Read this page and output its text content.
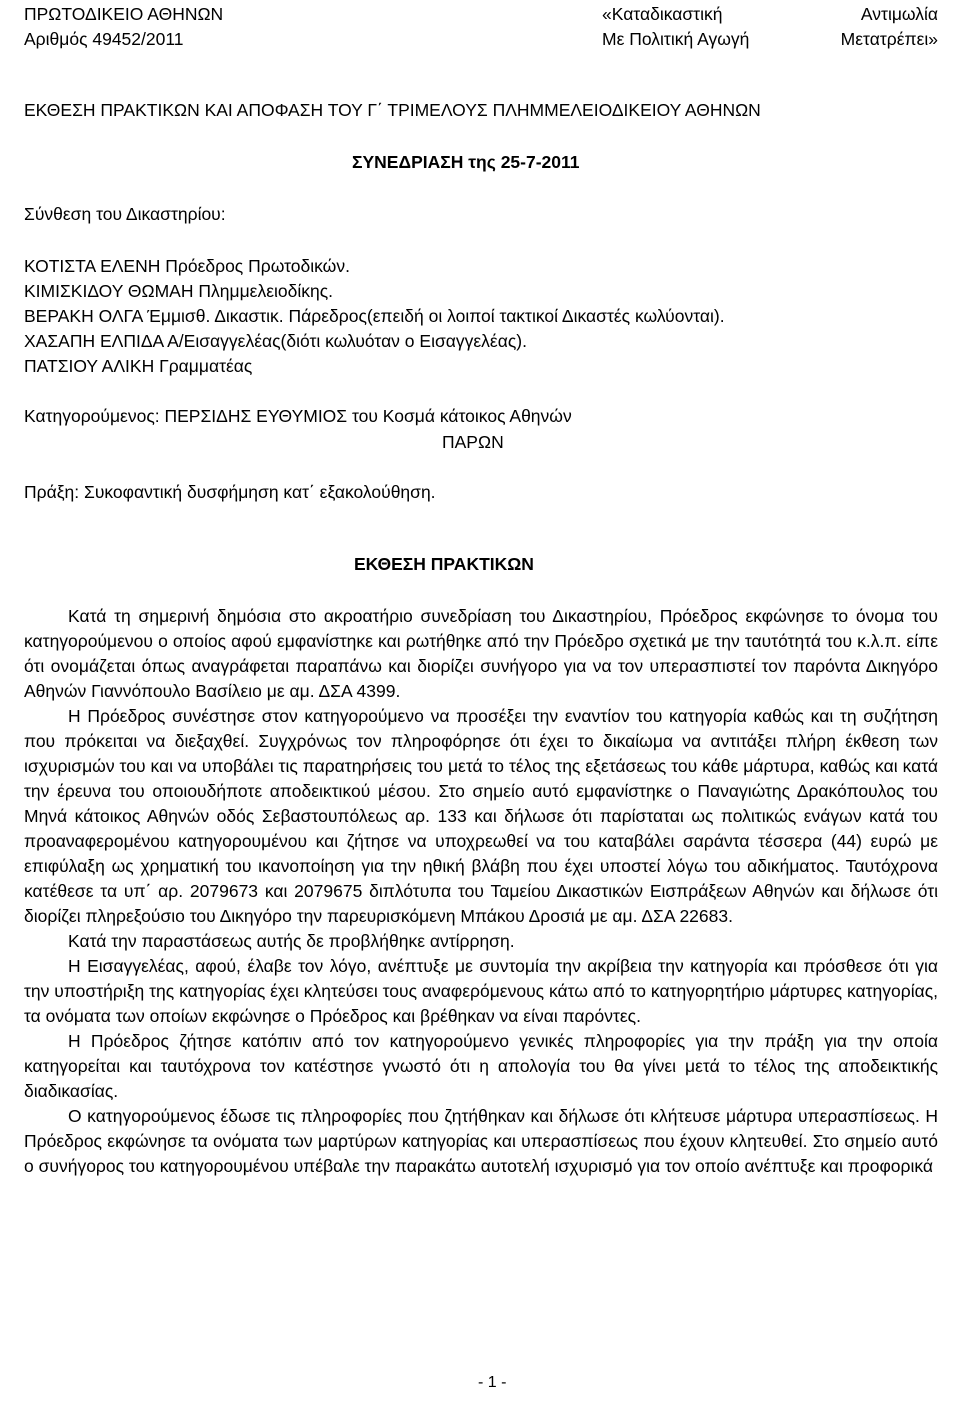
ΠΡΩΤΟΔΙΚΕΙΟ ΑΘΗΝΩΝ
Αριθμός 49452/2011
«Καταδικαστική	Αντιμωλία
Με Πολιτική Αγωγή	Μετατρέπει»
ΕΚΘΕΣΗ ΠΡΑΚΤΙΚΩΝ ΚΑΙ ΑΠΟΦΑΣΗ ΤΟΥ Γ΄ ΤΡΙΜΕΛΟΥΣ ΠΛΗΜΜΕΛΕΙΟΔΙΚΕΙΟΥ ΑΘΗΝΩΝ
ΣΥΝΕΔΡΙΑΣΗ της 25-7-2011
Σύνθεση του Δικαστηρίου:
ΚΟΤΙΣΤΑ ΕΛΕΝΗ Πρόεδρος Πρωτοδικών.
ΚΙΜΙΣΚΙΔΟΥ ΘΩΜΑΗ Πλημμελειοδίκης.
ΒΕΡΑΚΗ ΟΛΓΑ Έμμισθ. Δικαστικ. Πάρεδρος(επειδή οι λοιποί τακτικοί Δικαστές κωλύονται).
ΧΑΣΑΠΗ ΕΛΠΙΔΑ Α/Εισαγγελέας(διότι κωλυόταν ο Εισαγγελέας).
ΠΑΤΣΙΟΥ ΑΛΙΚΗ Γραμματέας
Κατηγορούμενος: ΠΕΡΣΙΔΗΣ ΕΥΘΥΜΙΟΣ του Κοσμά κάτοικος Αθηνών
ΠΑΡΩΝ
Πράξη: Συκοφαντική δυσφήμηση κατ΄ εξακολούθηση.
ΕΚΘΕΣΗ ΠΡΑΚΤΙΚΩΝ

Κατά τη σημερινή δημόσια στο ακροατήριο συνεδρίαση του Δικαστηρίου, Πρόεδρος εκφώνησε το όνομα του κατηγορούμενου ο οποίος αφού εμφανίστηκε και ρωτήθηκε από την Πρόεδρο σχετικά με την ταυτότητά του κ.λ.π. είπε ότι ονομάζεται όπως αναγράφεται παραπάνω και διορίζει συνήγορο για να τον υπερασπιστεί τον παρόντα Δικηγόρο Αθηνών Γιαννόπουλο Βασίλειο με αμ. ΔΣΑ 4399.

Η Πρόεδρος συνέστησε στον κατηγορούμενο να προσέξει την εναντίον του κατηγορία καθώς και τη συζήτηση που πρόκειται να διεξαχθεί. Συγχρόνως τον πληροφόρησε ότι έχει το δικαίωμα να αντιτάξει πλήρη έκθεση των ισχυρισμών του και να υποβάλει τις παρατηρήσεις του μετά το τέλος της εξετάσεως του κάθε μάρτυρα, καθώς και κατά την έρευνα του οποιουδήποτε αποδεικτικού μέσου. Στο σημείο αυτό εμφανίστηκε ο Παναγιώτης Δρακόπουλος του Μηνά κάτοικος Αθηνών οδός Σεβαστουπόλεως αρ. 133 και δήλωσε ότι παρίσταται ως πολιτικώς ενάγων κατά του προαναφερομένου κατηγορουμένου και ζήτησε να υποχρεωθεί να του καταβάλει σαράντα τέσσερα (44) ευρώ με επιφύλαξη ως χρηματική του ικανοποίηση για την ηθική βλάβη που έχει υποστεί λόγω του αδικήματος. Ταυτόχρονα κατέθεσε τα υπ΄ αρ. 2079673 και 2079675 διπλότυπα του Ταμείου Δικαστικών Εισπράξεων Αθηνών και δήλωσε ότι διορίζει πληρεξούσιο του Δικηγόρο την παρευρισκόμενη Μπάκου Δροσιά με αμ. ΔΣΑ 22683.

Κατά την παραστάσεως αυτής δε προβλήθηκε αντίρρηση.

Η Εισαγγελέας, αφού, έλαβε τον λόγο, ανέπτυξε με συντομία την ακρίβεια την κατηγορία και πρόσθεσε ότι για την υποστήριξη της κατηγορίας έχει κλητεύσει τους αναφερόμενους κάτω από το κατηγορητήριο μάρτυρες κατηγορίας, τα ονόματα των οποίων εκφώνησε ο Πρόεδρος και βρέθηκαν να είναι παρόντες.

Η Πρόεδρος ζήτησε κατόπιν από τον κατηγορούμενο γενικές πληροφορίες για την πράξη για την οποία κατηγορείται και ταυτόχρονα τον κατέστησε γνωστό ότι η απολογία του θα γίνει μετά το τέλος της αποδεικτικής διαδικασίας.

Ο κατηγορούμενος έδωσε τις πληροφορίες που ζητήθηκαν και δήλωσε ότι κλήτευσε μάρτυρα υπερασπίσεως. Η Πρόεδρος εκφώνησε τα ονόματα των μαρτύρων κατηγορίας και υπερασπίσεως που έχουν κλητευθεί. Στο σημείο αυτό ο συνήγορος του κατηγορουμένου υπέβαλε την παρακάτω αυτοτελή ισχυρισμό για τον οποίο ανέπτυξε και προφορικά

- 1 -
